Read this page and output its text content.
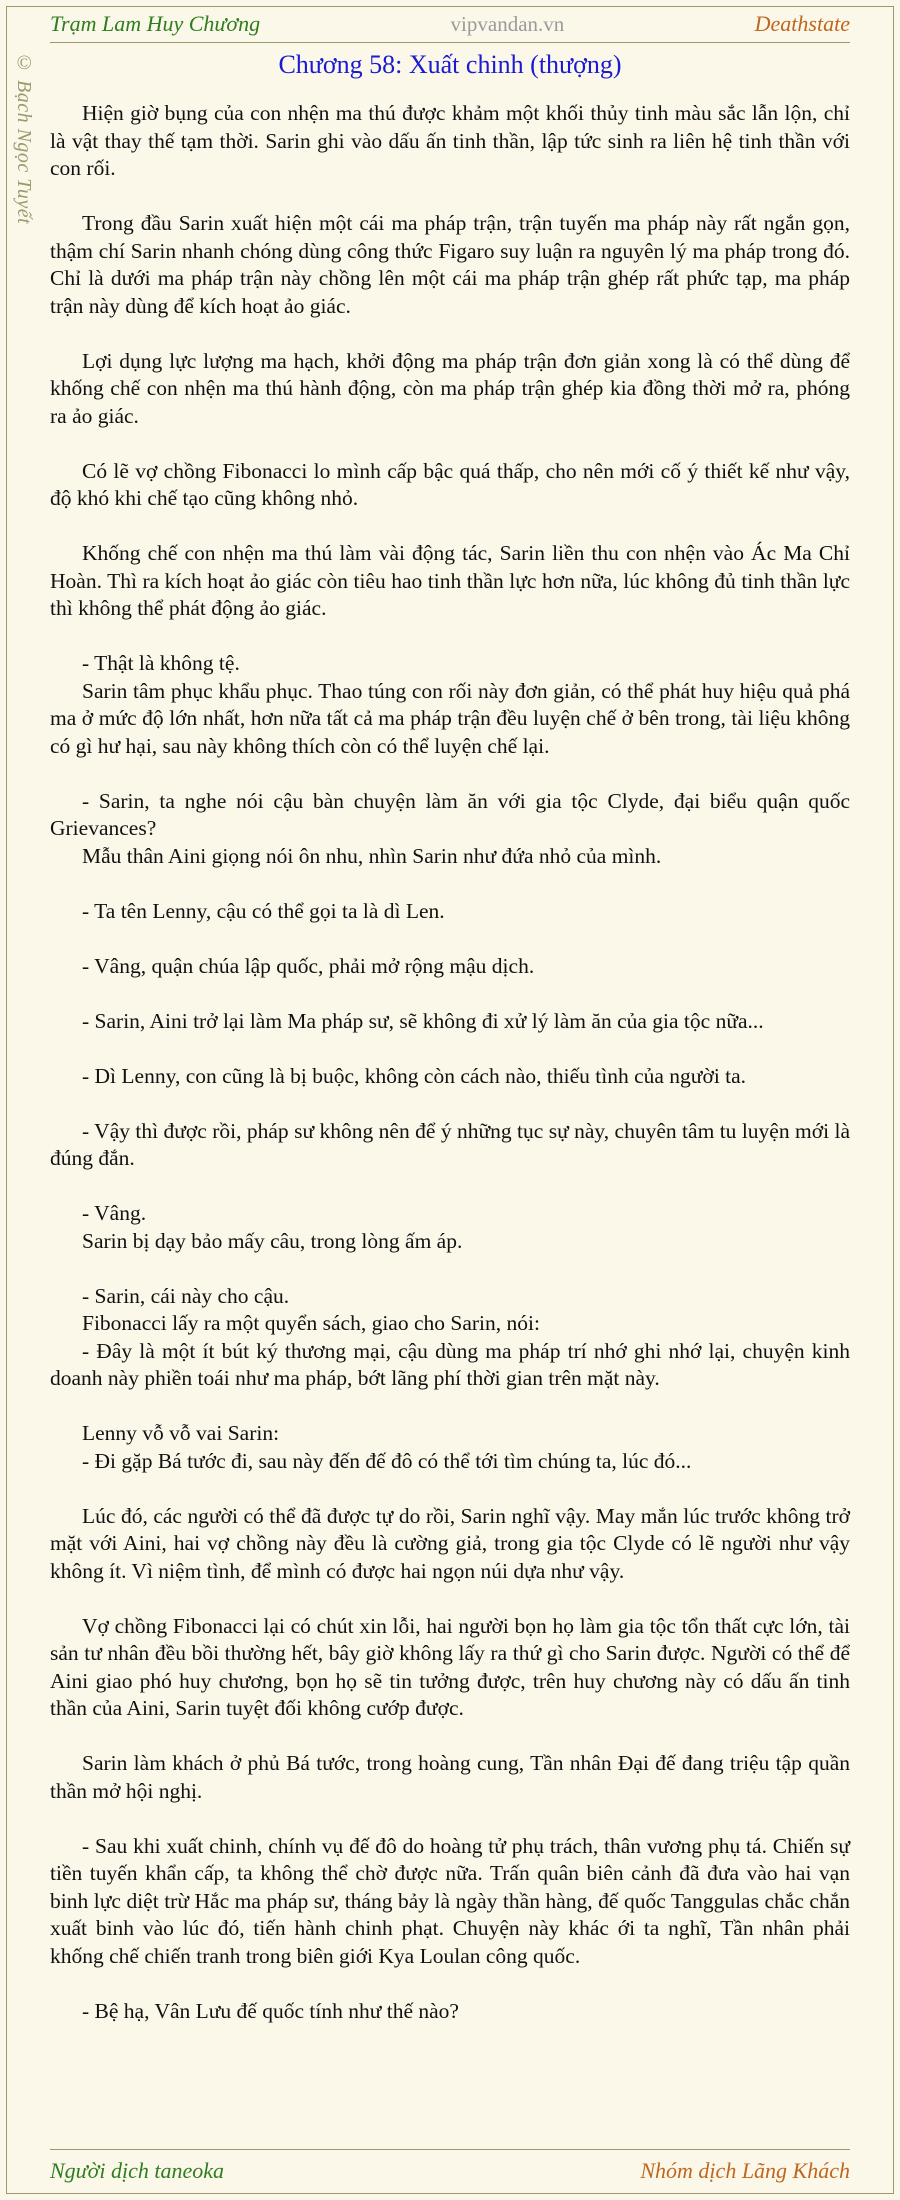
Trạm Lam Huy Chương	vipvandan.vn	Deathstate
© Bạch Ngọc Tuyết	Chương 58: Xuất chinh (thượng)

Hiện giờ bụng của con nhện ma thú được khảm một khối thủy tinh màu sắc lẫn lộn, chỉ là vật thay thế tạm thời. Sarin ghi vào dấu ấn tinh thần, lập tức sinh ra liên hệ tinh thần với con rối.

Trong đầu Sarin xuất hiện một cái ma pháp trận, trận tuyến ma pháp này rất ngắn gọn, thậm chí Sarin nhanh chóng dùng công thức Figaro suy luận ra nguyên lý ma pháp trong đó. Chỉ là dưới ma pháp trận này chồng lên một cái ma pháp trận ghép rất phức tạp, ma pháp trận này dùng để kích hoạt ảo giác.

Lợi dụng lực lượng ma hạch, khởi động ma pháp trận đơn giản xong là có thể dùng để khống chế con nhện ma thú hành động, còn ma pháp trận ghép kia đồng thời mở ra, phóng ra ảo giác.

Có lẽ vợ chồng Fibonacci lo mình cấp bậc quá thấp, cho nên mới cố ý thiết kế như vậy, độ khó khi chế tạo cũng không nhỏ.

Khống chế con nhện ma thú làm vài động tác, Sarin liền thu con nhện vào Ác Ma Chỉ Hoàn. Thì ra kích hoạt ảo giác còn tiêu hao tinh thần lực hơn nữa, lúc không đủ tinh thần lực thì không thể phát động ảo giác.

- Thật là không tệ.

Sarin tâm phục khẩu phục. Thao túng con rối này đơn giản, có thể phát huy hiệu quả phá ma ở mức độ lớn nhất, hơn nữa tất cả ma pháp trận đều luyện chế ở bên trong, tài liệu không có gì hư hại, sau này không thích còn có thể luyện chế lại.

- Sarin, ta nghe nói cậu bàn chuyện làm ăn với gia tộc Clyde, đại biểu quận quốc Grievances?

Mẫu thân Aini giọng nói ôn nhu, nhìn Sarin như đứa nhỏ của mình.

- Ta tên Lenny, cậu có thể gọi ta là dì Len.

- Vâng, quận chúa lập quốc, phải mở rộng mậu dịch.

- Sarin, Aini trở lại làm Ma pháp sư, sẽ không đi xử lý làm ăn của gia tộc nữa...

- Dì Lenny, con cũng là bị buộc, không còn cách nào, thiếu tình của người ta.

- Vậy thì được rồi, pháp sư không nên để ý những tục sự này, chuyên tâm tu luyện mới là đúng đắn.

- Vâng.

Sarin bị dạy bảo mấy câu, trong lòng ấm áp.

- Sarin, cái này cho cậu.

Fibonacci lấy ra một quyển sách, giao cho Sarin, nói:

- Đây là một ít bút ký thương mại, cậu dùng ma pháp trí nhớ ghi nhớ lại, chuyện kinh doanh này phiền toái như ma pháp, bớt lãng phí thời gian trên mặt này.

Lenny vỗ vỗ vai Sarin:

- Đi gặp Bá tước đi, sau này đến đế đô có thể tới tìm chúng ta, lúc đó...

Lúc đó, các người có thể đã được tự do rồi, Sarin nghĩ vậy. May mắn lúc trước không trở mặt với Aini, hai vợ chồng này đều là cường giả, trong gia tộc Clyde có lẽ người như vậy không ít. Vì niệm tình, để mình có được hai ngọn núi dựa như vậy.

Vợ chồng Fibonacci lại có chút xin lỗi, hai người bọn họ làm gia tộc tổn thất cực lớn, tài sản tư nhân đều bồi thường hết, bây giờ không lấy ra thứ gì cho Sarin được. Người có thể để Aini giao phó huy chương, bọn họ sẽ tin tưởng được, trên huy chương này có dấu ấn tinh thần của Aini, Sarin tuyệt đối không cướp được.

Sarin làm khách ở phủ Bá tước, trong hoàng cung, Tần nhân Đại đế đang triệu tập quần thần mở hội nghị.

- Sau khi xuất chinh, chính vụ đế đô do hoàng tử phụ trách, thân vương phụ tá. Chiến sự tiền tuyến khẩn cấp, ta không thể chờ được nữa. Trấn quân biên cảnh đã đưa vào hai vạn binh lực diệt trừ Hắc ma pháp sư, tháng bảy là ngày thần hàng, đế quốc Tanggulas chắc chắn xuất binh vào lúc đó, tiến hành chinh phạt. Chuyện này khác ới ta nghĩ, Tần nhân phải khống chế chiến tranh trong biên giới Kya Loulan công quốc.

- Bệ hạ, Vân Lưu đế quốc tính như thế nào?

Người dịch taneoka	Nhóm dịch Lãng Khách
